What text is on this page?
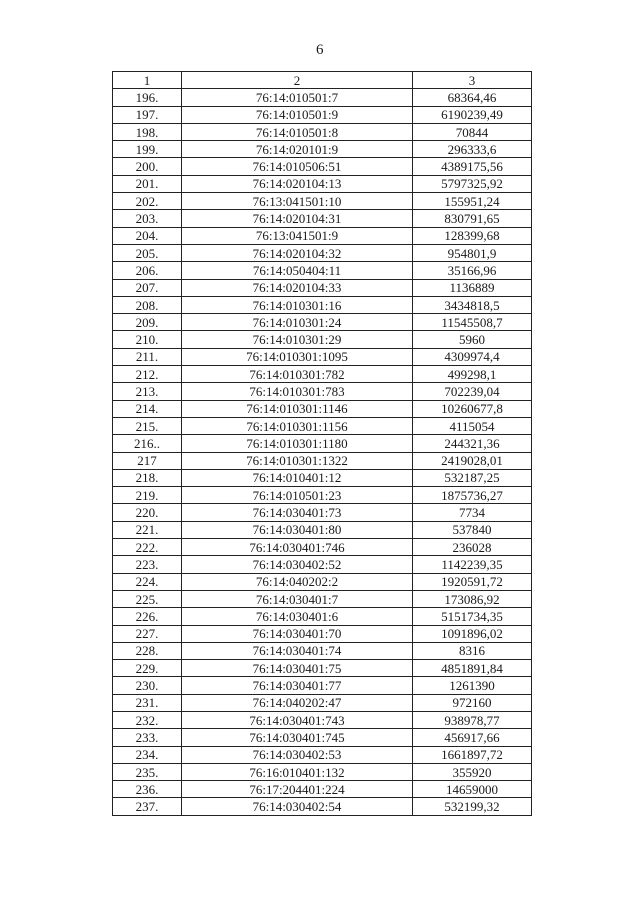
6
1	2	3
196.	76:14:010501:7	68364,46
197.	76:14:010501:9	6190239,49
198.	76:14:010501:8	70844
199.	76:14:020101:9	296333,6
200.	76:14:010506:51	4389175,56
201.	76:14:020104:13	5797325,92
202.	76:13:041501:10	155951,24
203.	76:14:020104:31	830791,65
204.	76:13:041501:9	128399,68
205.	76:14:020104:32	954801,9
206.	76:14:050404:11	35166,96
207.	76:14:020104:33	1136889
208.	76:14:010301:16	3434818,5
209.	76:14:010301:24	11545508,7
210.	76:14:010301:29	5960
211.	76:14:010301:1095	4309974,4
212.	76:14:010301:782	499298,1
213.	76:14:010301:783	702239,04
214.	76:14:010301:1146	10260677,8
215.	76:14:010301:1156	4115054
216..	76:14:010301:1180	244321,36
217	76:14:010301:1322	2419028,01
218.	76:14:010401:12	532187,25
219.	76:14:010501:23	1875736,27
220.	76:14:030401:73	7734
221.	76:14:030401:80	537840
222.	76:14:030401:746	236028
223.	76:14:030402:52	1142239,35
224.	76:14:040202:2	1920591,72
225.	76:14:030401:7	173086,92
226.	76:14:030401:6	5151734,35
227.	76:14:030401:70	1091896,02
228.	76:14:030401:74	8316
229.	76:14:030401:75	4851891,84
230.	76:14:030401:77	1261390
231.	76:14:040202:47	972160
232.	76:14:030401:743	938978,77
233.	76:14:030401:745	456917,66
234.	76:14:030402:53	1661897,72
235.	76:16:010401:132	355920
236.	76:17:204401:224	14659000
237.	76:14:030402:54	532199,32
